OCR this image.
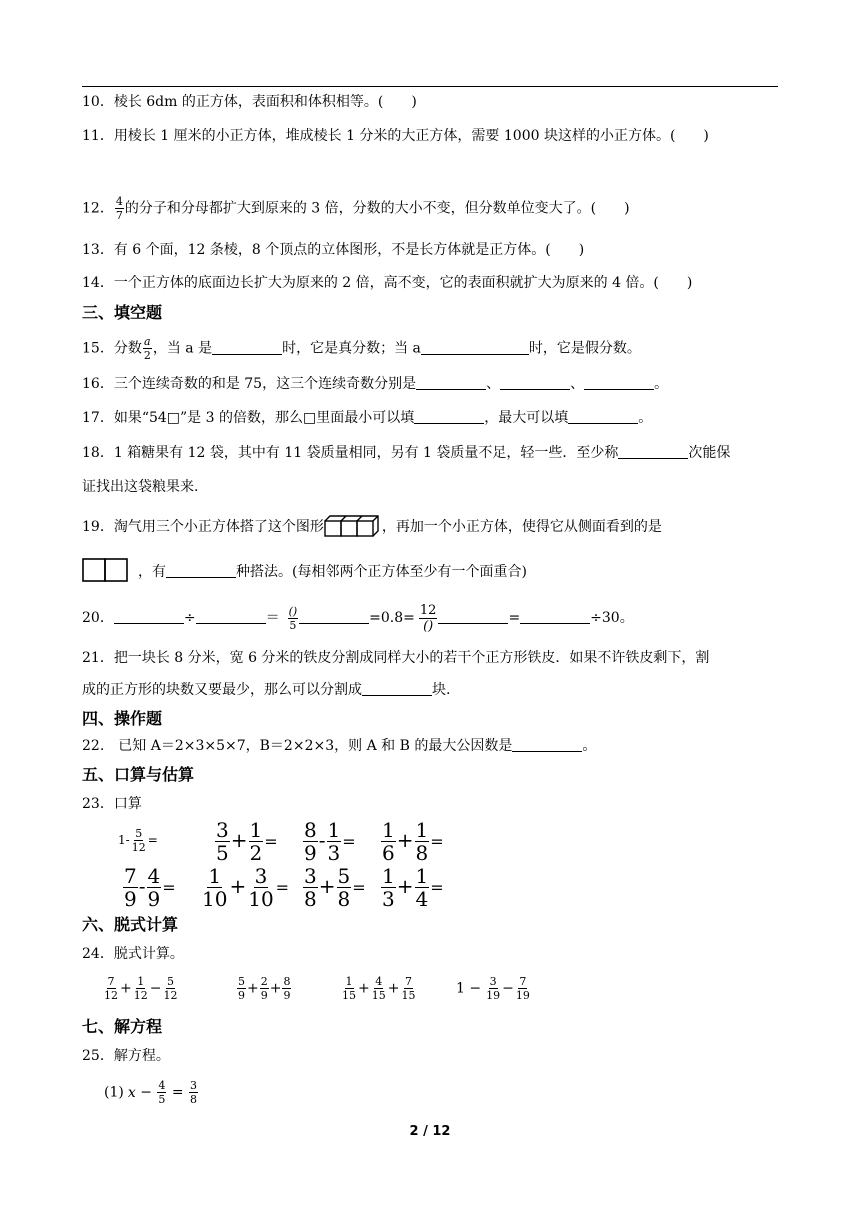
10．棱长 6dm 的正方体，表面积和体积相等。(　　)
11．用棱长 1 厘米的小正方体，堆成棱长 1 分米的大正方体，需要 1000 块这样的小正方体。(　　)
12． $\frac{4}{7}$ 的分子和分母都扩大到原来的 3 倍，分数的大小不变，但分数单位变大了。(　　)
13．有 6 个面，12 条棱，8 个顶点的立体图形，不是长方体就是正方体。(　　)
14．一个正方体的底面边长扩大为原来的 2 倍，高不变，它的表面积就扩大为原来的 4 倍。(　　)
三、填空题
15．分数 $\frac{a}{2}$ ，当 a 是	时，它是真分数；当 a	时，它是假分数。
16．三个连续奇数的和是 75，这三个连续奇数分别是	、	、	。
17．如果“54□”是 3 的倍数，那么□里面最小可以填	，最大可以填	。
18．1 箱糖果有 12 袋，其中有 11 袋质量相同，另有 1 袋质量不足，轻一些．至少称	次能保
证找出这袋粮果来.
19．淘气用三个小正方体搭了这个图形	，再加一个小正方体，使得它从侧面看到的是
，有	种搭法。(每相邻两个正方体至少有一个面重合)
20．	÷	＝ $\frac{()}{5}$	$=0.8= \frac{12}{()}$	=	÷30。
21．把一块长 8 分米，宽 6 分米的铁皮分割成同样大小的若干个正方形铁皮．如果不许铁皮剩下，割
成的正方形的块数又要最少，那么可以分割成	块.
四、操作题
22.　已知 A＝2×3×5×7，B＝2×2×3，则 A 和 B 的最大公因数是	。
五、口算与估算
23．口算
$1- \frac{5}{12}$ =	$\frac{3}{5} + \frac{1}{2} = \frac{8}{9} - \frac{1}{3} = \frac{1}{6} + \frac{1}{8}$ =
$\frac{7}{9} - \frac{4}{9} = \frac{1}{10} + \frac{3}{10} = \frac{3}{8} + \frac{5}{8} = \frac{1}{3} + \frac{1}{4}$ =
六、脱式计算
24．脱式计算。
$\frac{7}{12} + \frac{1}{12} - \frac{5}{12}$	$\frac{5}{9} + \frac{2}{9} + \frac{8}{9}$	$\frac{1}{15} + \frac{4}{15} + \frac{7}{15}$	$1 - \frac{3}{19} - \frac{7}{19}$
七、解方程
25．解方程。
(1) $x - \frac{4}{5} = \frac{3}{8}$
2 / 12
